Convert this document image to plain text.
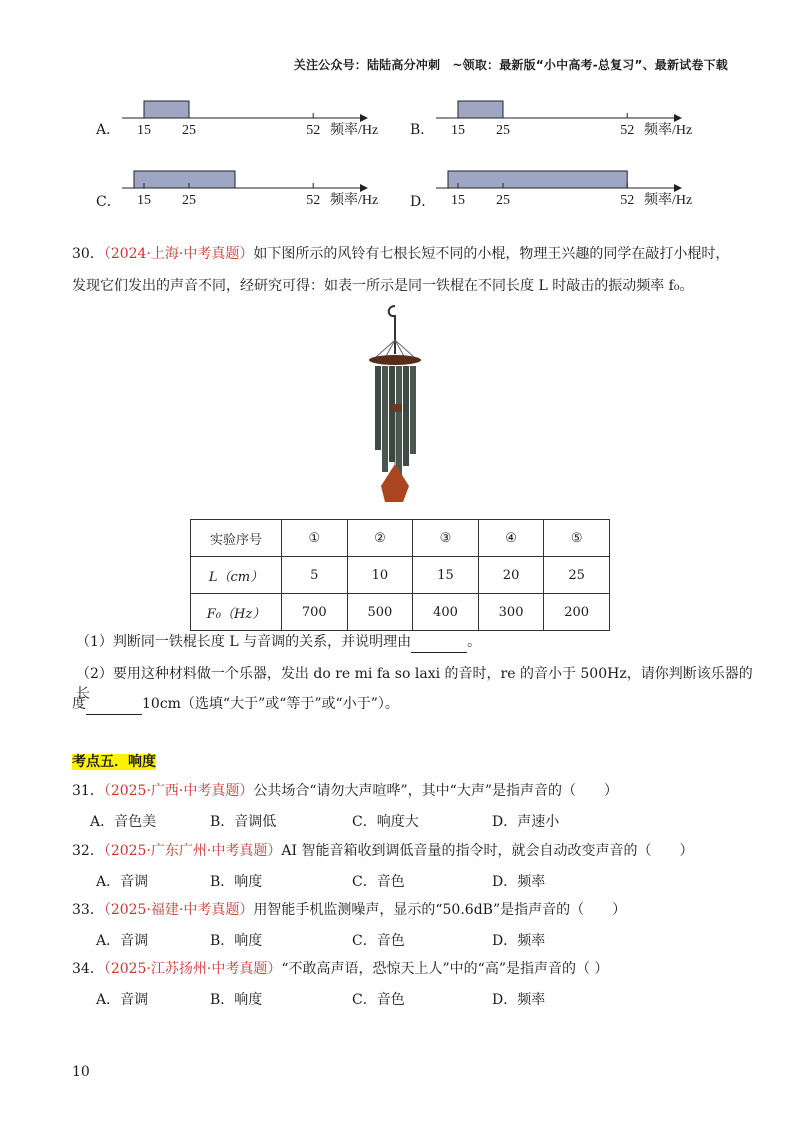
关注公众号：陆陆高分冲刺　~领取：最新版“小中高考-总复习”、最新试卷下载
A．	B．
C．	D．
15 25	52 频率/Hz	15 25	52 频率/Hz
15 25	52 频率/Hz	15 25	52 频率/Hz
30．（2024·上海·中考真题）如下图所示的风铃有七根长短不同的小棍，物理王兴趣的同学在敲打小棍时，
发现它们发出的声音不同，经研究可得：如表一所示是同一铁棍在不同长度 L 时敲击的振动频率 f₀。
实验序号	①	②	③	④	⑤
L（cm）	5	10	15	20	25
F₀（Hz）	700	500	400	300	200
（1）判断同一铁棍长度 L 与音调的关系，并说明理由	。
（2）要用这种材料做一个乐器，发出 do re mi fa so laxi 的音时，re 的音小于 500Hz，请你判断该乐器的长
度	10cm（选填“大于”或“等于”或“小于”）。
考点五．响度
31．（2025·广西·中考真题）公共场合“请勿大声喧哗”，其中“大声”是指声音的（　　）
A．音色美	B．音调低	C．响度大	D．声速小
32．（2025·广东广州·中考真题）AI 智能音箱收到调低音量的指令时，就会自动改变声音的（　　）
A．音调	B．响度	C．音色	D．频率
33．（2025·福建·中考真题）用智能手机监测噪声，显示的“50.6dB”是指声音的（　　）
A．音调	B．响度	C．音色	D．频率
34．（2025·江苏扬州·中考真题）“不敢高声语，恐惊天上人”中的“高”是指声音的（ ）
A．音调	B．响度	C．音色	D．频率
10
